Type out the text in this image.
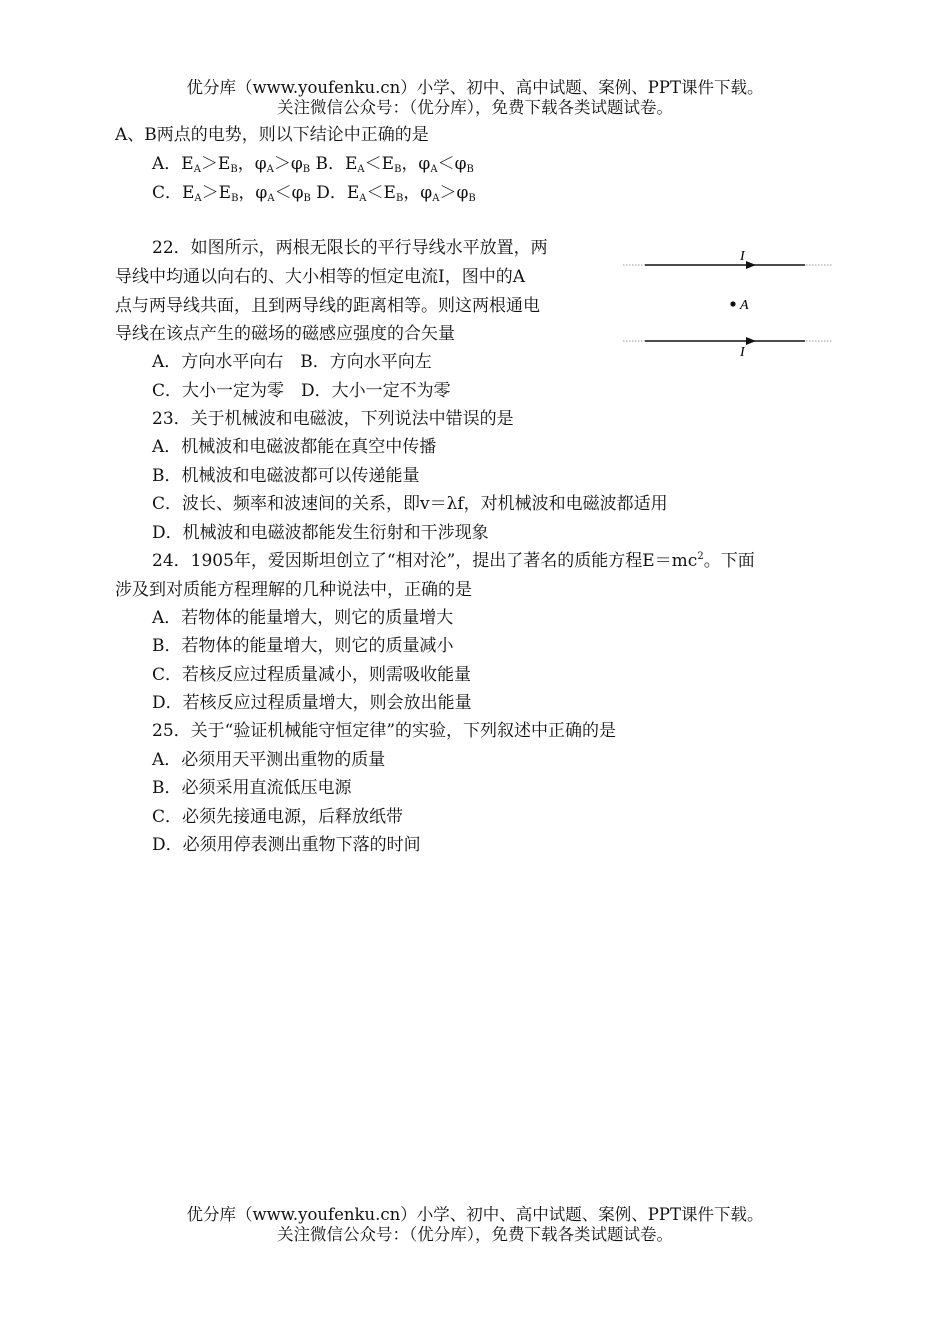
优分库（www.youfenku.cn）小学、初中、高中试题、案例、PPT课件下载。
关注微信公众号：（优分库），免费下载各类试题试卷。
A、B两点的电势，则以下结论中正确的是
A．$E_A>E_B$，$\varphi_A>\varphi_B$ B．$E_A<E_B$，$\varphi_A<\varphi_B$
C．$E_A>E_B$，$\varphi_A<\varphi_B$ D．$E_A<E_B$，$\varphi_A>\varphi_B$
22．如图所示，两根无限长的平行导线水平放置，两
导线中均通以向右的、大小相等的恒定电流I，图中的A
点与两导线共面，且到两导线的距离相等。则这两根通电
导线在该点产生的磁场的磁感应强度的合矢量
A．方向水平向右　B．方向水平向左
C．大小一定为零　D．大小一定不为零
I
A
I
23．关于机械波和电磁波，下列说法中错误的是
A．机械波和电磁波都能在真空中传播
B．机械波和电磁波都可以传递能量
C．波长、频率和波速间的关系，即v＝λf，对机械波和电磁波都适用
D．机械波和电磁波都能发生衍射和干涉现象
24．1905年，爱因斯坦创立了“相对沦”，提出了著名的质能方程$E=mc^2$。下面
涉及到对质能方程理解的几种说法中，正确的是
A．若物体的能量增大，则它的质量增大
B．若物体的能量增大，则它的质量减小
C．若核反应过程质量减小，则需吸收能量
D．若核反应过程质量增大，则会放出能量
25．关于“验证机械能守恒定律”的实验，下列叙述中正确的是
A．必须用天平测出重物的质量
B．必须采用直流低压电源
C．必须先接通电源，后释放纸带
D．必须用停表测出重物下落的时间
优分库（www.youfenku.cn）小学、初中、高中试题、案例、PPT课件下载。
关注微信公众号：（优分库），免费下载各类试题试卷。
